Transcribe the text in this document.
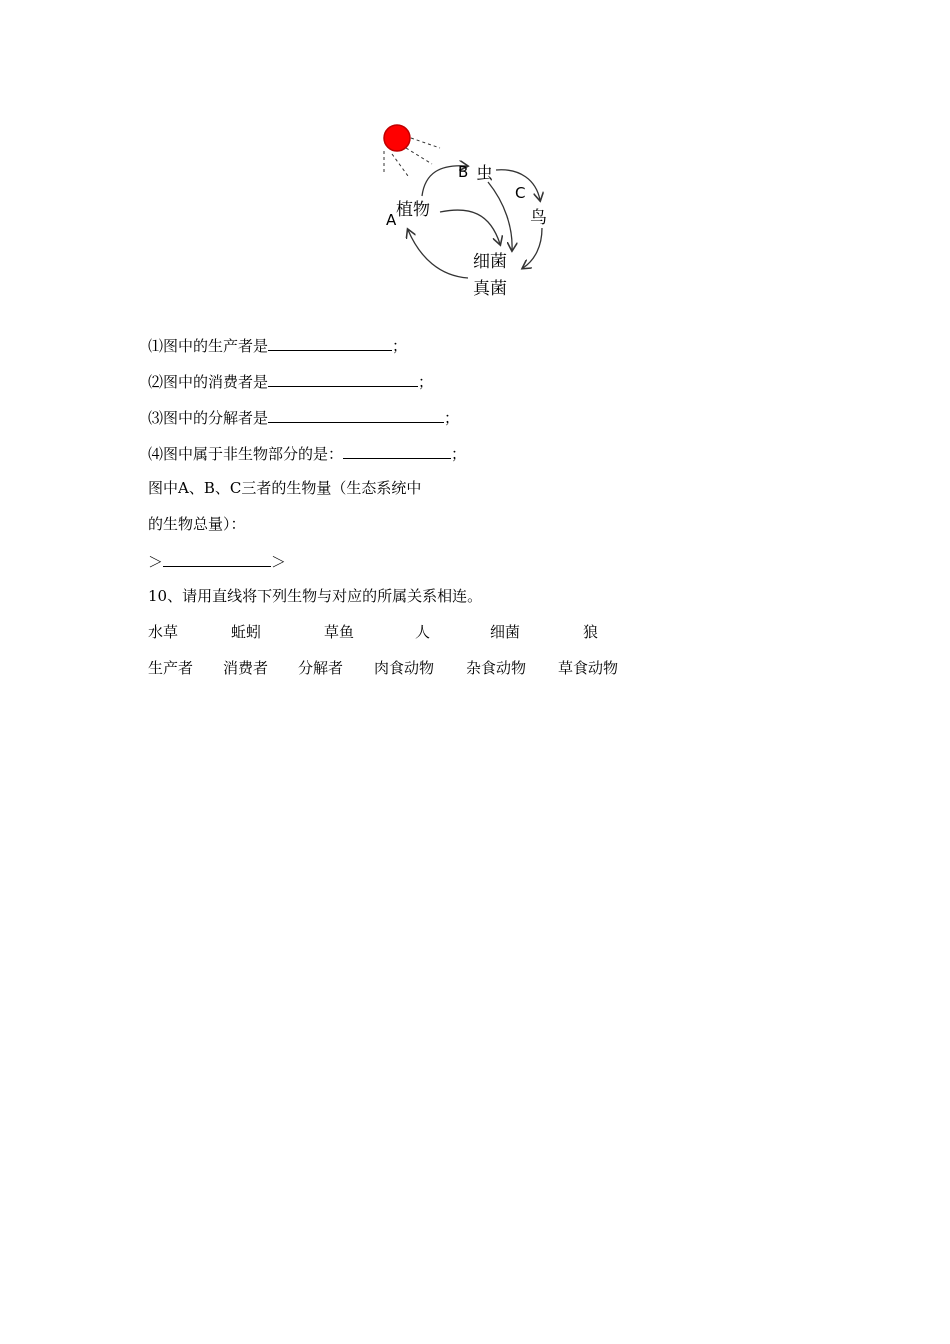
植物
虫
鸟
细菌
真菌
A
B
C
⑴图中的生产者是	；
⑵图中的消费者是	；
⑶图中的分解者是	；
⑷图中属于非生物部分的是：	；
图中A、B、C三者的生物量（生态系统中
的生物总量）：
＞	＞
10、请用直线将下列生物与对应的所属关系相连。
水草	蚯蚓	草鱼	人	细菌	狼
生产者 消费者 分解者 肉食动物 杂食动物 草食动物
